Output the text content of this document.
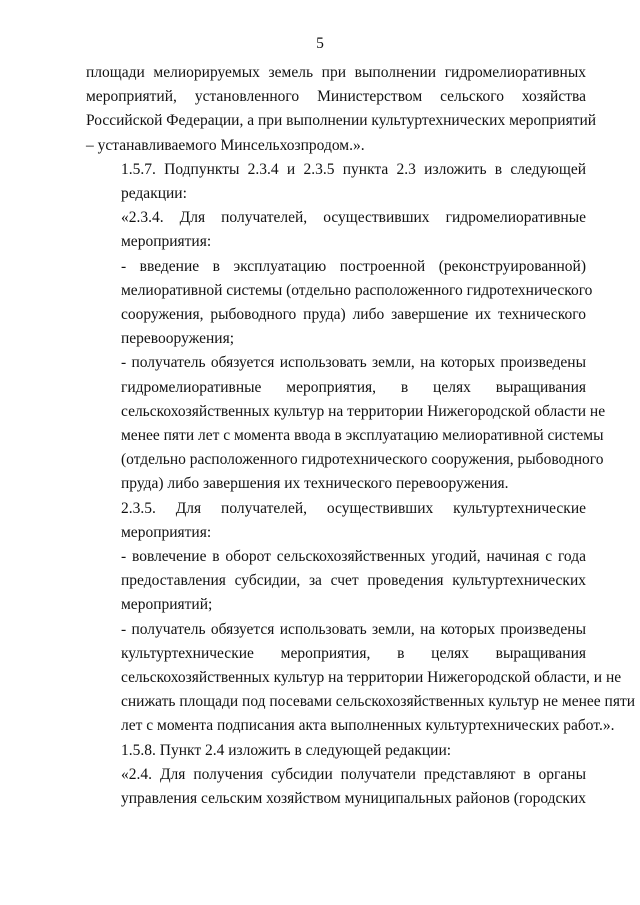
5
площади мелиорируемых земель при выполнении гидромелиоративных
мероприятий, установленного Министерством сельского хозяйства
Российской Федерации, а при выполнении культуртехнических мероприятий
– устанавливаемого Минсельхозпродом.».
1.5.7. Подпункты 2.3.4 и 2.3.5 пункта 2.3 изложить в следующей
редакции:
«2.3.4. Для получателей, осуществивших гидромелиоративные
мероприятия:
- введение в эксплуатацию построенной (реконструированной)
мелиоративной системы (отдельно расположенного гидротехнического
сооружения, рыбоводного пруда) либо завершение их технического
перевооружения;
- получатель обязуется использовать земли, на которых произведены
гидромелиоративные мероприятия, в целях выращивания
сельскохозяйственных культур на территории Нижегородской области не
менее пяти лет с момента ввода в эксплуатацию мелиоративной системы
(отдельно расположенного гидротехнического сооружения, рыбоводного
пруда) либо завершения их технического перевооружения.
2.3.5. Для получателей, осуществивших культуртехнические
мероприятия:
- вовлечение в оборот сельскохозяйственных угодий, начиная с года
предоставления субсидии, за счет проведения культуртехнических
мероприятий;
- получатель обязуется использовать земли, на которых произведены
культуртехнические мероприятия, в целях выращивания
сельскохозяйственных культур на территории Нижегородской области, и не
снижать площади под посевами сельскохозяйственных культур не менее пяти
лет с момента подписания акта выполненных культуртехнических работ.».
1.5.8. Пункт 2.4 изложить в следующей редакции:
«2.4. Для получения субсидии получатели представляют в органы
управления сельским хозяйством муниципальных районов (городских
